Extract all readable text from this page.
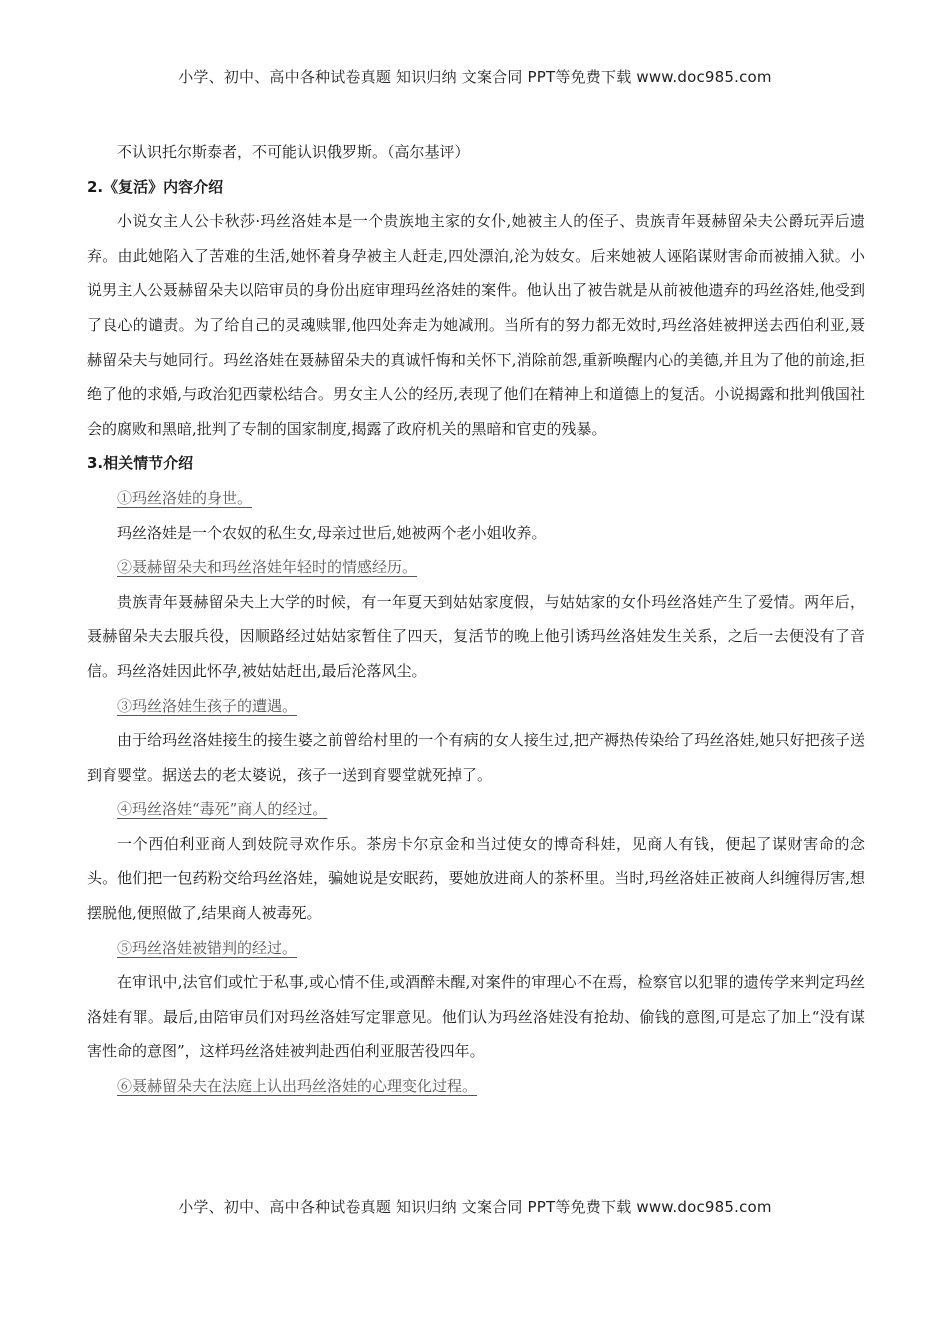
小学、初中、高中各种试卷真题 知识归纳 文案合同 PPT等免费下载 www.doc985.com

不认识托尔斯泰者，不可能认识俄罗斯。（高尔基评）

2.《复活》内容介绍

小说女主人公卡秋莎·玛丝洛娃本是一个贵族地主家的女仆,她被主人的侄子、贵族青年聂赫留朵夫公爵玩弄后遗弃。由此她陷入了苦难的生活,她怀着身孕被主人赶走,四处漂泊,沦为妓女。后来她被人诬陷谋财害命而被捕入狱。小说男主人公聂赫留朵夫以陪审员的身份出庭审理玛丝洛娃的案件。他认出了被告就是从前被他遗弃的玛丝洛娃,他受到了良心的谴责。为了给自己的灵魂赎罪,他四处奔走为她减刑。当所有的努力都无效时,玛丝洛娃被押送去西伯利亚,聂赫留朵夫与她同行。玛丝洛娃在聂赫留朵夫的真诚忏悔和关怀下,消除前怨,重新唤醒内心的美德,并且为了他的前途,拒绝了他的求婚,与政治犯西蒙松结合。男女主人公的经历,表现了他们在精神上和道德上的复活。小说揭露和批判俄国社会的腐败和黑暗,批判了专制的国家制度,揭露了政府机关的黑暗和官吏的残暴。

3.相关情节介绍

①玛丝洛娃的身世。

玛丝洛娃是一个农奴的私生女,母亲过世后,她被两个老小姐收养。

②聂赫留朵夫和玛丝洛娃年轻时的情感经历。

贵族青年聂赫留朵夫上大学的时候，有一年夏天到姑姑家度假，与姑姑家的女仆玛丝洛娃产生了爱情。两年后，聂赫留朵夫去服兵役，因顺路经过姑姑家暂住了四天，复活节的晚上他引诱玛丝洛娃发生关系，之后一去便没有了音信。玛丝洛娃因此怀孕,被姑姑赶出,最后沦落风尘。

③玛丝洛娃生孩子的遭遇。

由于给玛丝洛娃接生的接生婆之前曾给村里的一个有病的女人接生过,把产褥热传染给了玛丝洛娃,她只好把孩子送到育婴堂。据送去的老太婆说，孩子一送到育婴堂就死掉了。

④玛丝洛娃“毒死”商人的经过。

一个西伯利亚商人到妓院寻欢作乐。茶房卡尔京金和当过使女的博奇科娃，见商人有钱，便起了谋财害命的念头。他们把一包药粉交给玛丝洛娃，骗她说是安眠药，要她放进商人的茶杯里。当时,玛丝洛娃正被商人纠缠得厉害,想摆脱他,便照做了,结果商人被毒死。

⑤玛丝洛娃被错判的经过。

在审讯中,法官们或忙于私事,或心情不佳,或酒醉未醒,对案件的审理心不在焉，检察官以犯罪的遗传学来判定玛丝洛娃有罪。最后,由陪审员们对玛丝洛娃写定罪意见。他们认为玛丝洛娃没有抢劫、偷钱的意图,可是忘了加上“没有谋害性命的意图”，这样玛丝洛娃被判赴西伯利亚服苦役四年。

⑥聂赫留朵夫在法庭上认出玛丝洛娃的心理变化过程。

小学、初中、高中各种试卷真题 知识归纳 文案合同 PPT等免费下载 www.doc985.com
